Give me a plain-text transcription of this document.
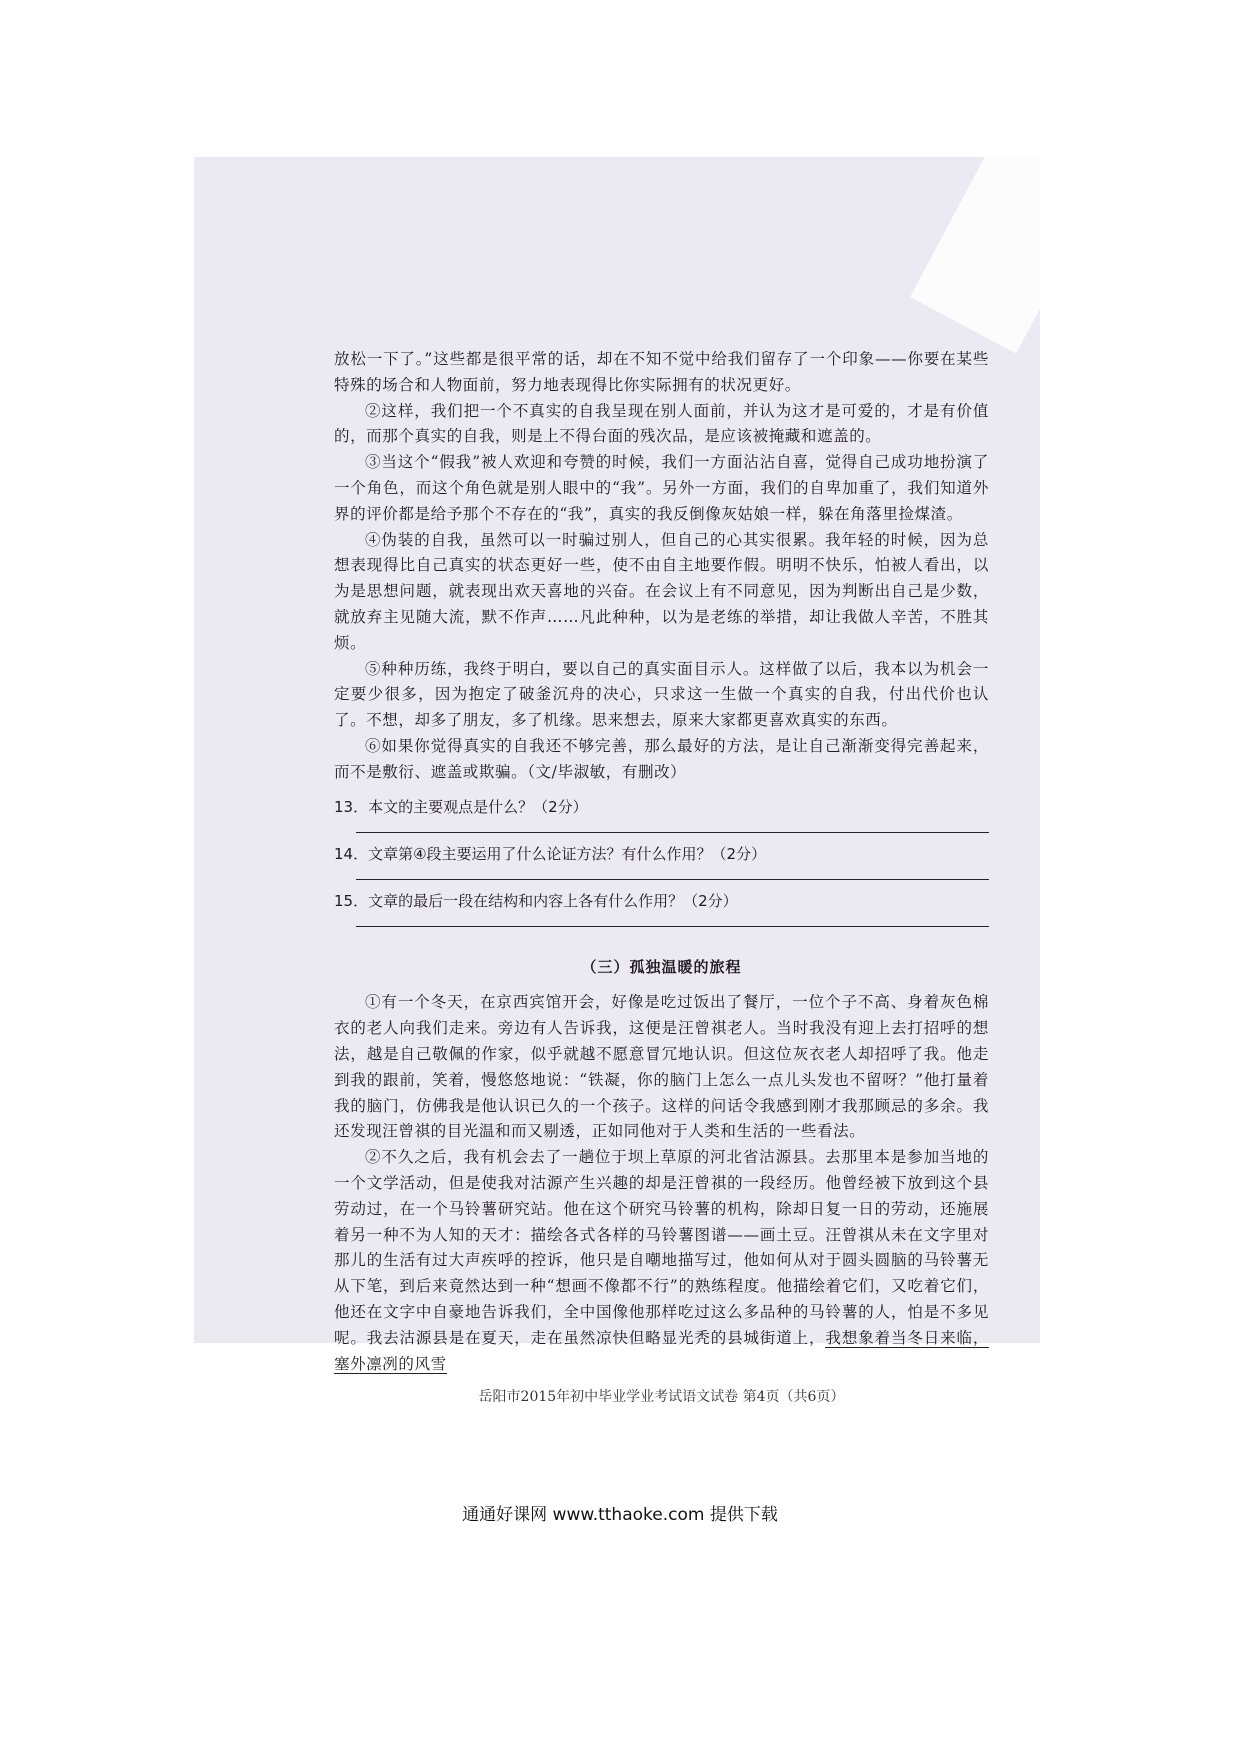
放松一下了。”这些都是很平常的话，却在不知不觉中给我们留存了一个印象——你要在某些特殊的场合和人物面前，努力地表现得比你实际拥有的状况更好。

②这样，我们把一个不真实的自我呈现在别人面前，并认为这才是可爱的，才是有价值的，而那个真实的自我，则是上不得台面的残次品，是应该被掩藏和遮盖的。

③当这个“假我”被人欢迎和夸赞的时候，我们一方面沾沾自喜，觉得自己成功地扮演了一个角色，而这个角色就是别人眼中的“我”。另外一方面，我们的自卑加重了，我们知道外界的评价都是给予那个不存在的“我”，真实的我反倒像灰姑娘一样，躲在角落里捡煤渣。

④伪装的自我，虽然可以一时骗过别人，但自己的心其实很累。我年轻的时候，因为总想表现得比自己真实的状态更好一些，使不由自主地要作假。明明不快乐，怕被人看出，以为是思想问题，就表现出欢天喜地的兴奋。在会议上有不同意见，因为判断出自己是少数，就放弃主见随大流，默不作声……凡此种种，以为是老练的举措，却让我做人辛苦，不胜其烦。

⑤种种历练，我终于明白，要以自己的真实面目示人。这样做了以后，我本以为机会一定要少很多，因为抱定了破釜沉舟的决心，只求这一生做一个真实的自我，付出代价也认了。不想，却多了朋友，多了机缘。思来想去，原来大家都更喜欢真实的东西。

⑥如果你觉得真实的自我还不够完善，那么最好的方法，是让自己渐渐变得完善起来，而不是敷衍、遮盖或欺骗。（文/毕淑敏，有删改）

13．本文的主要观点是什么？（2分）
14．文章第④段主要运用了什么论证方法？有什么作用？（2分）
15．文章的最后一段在结构和内容上各有什么作用？（2分）
（三）孤独温暖的旅程

①有一个冬天，在京西宾馆开会，好像是吃过饭出了餐厅，一位个子不高、身着灰色棉衣的老人向我们走来。旁边有人告诉我，这便是汪曾祺老人。当时我没有迎上去打招呼的想法，越是自己敬佩的作家，似乎就越不愿意冒冗地认识。但这位灰衣老人却招呼了我。他走到我的跟前，笑着，慢悠悠地说：“铁凝，你的脑门上怎么一点儿头发也不留呀？”他打量着我的脑门，仿佛我是他认识已久的一个孩子。这样的问话令我感到刚才我那顾忌的多余。我还发现汪曾祺的目光温和而又剔透，正如同他对于人类和生活的一些看法。

②不久之后，我有机会去了一趟位于坝上草原的河北省沽源县。去那里本是参加当地的一个文学活动，但是使我对沽源产生兴趣的却是汪曾祺的一段经历。他曾经被下放到这个县劳动过，在一个马铃薯研究站。他在这个研究马铃薯的机构，除却日复一日的劳动，还施展着另一种不为人知的天才：描绘各式各样的马铃薯图谱——画土豆。汪曾祺从未在文字里对那儿的生活有过大声疾呼的控诉，他只是自嘲地描写过，他如何从对于圆头圆脑的马铃薯无从下笔，到后来竟然达到一种“想画不像都不行”的熟练程度。他描绘着它们，又吃着它们，他还在文字中自豪地告诉我们，全中国像他那样吃过这么多品种的马铃薯的人，怕是不多见呢。我去沽源县是在夏天，走在虽然凉快但略显光秃的县城街道上，我想象着当冬日来临，塞外凛冽的风雪

岳阳市2015年初中毕业学业考试语文试卷 第4页（共6页）
通通好课网 www.tthaoke.com 提供下载
